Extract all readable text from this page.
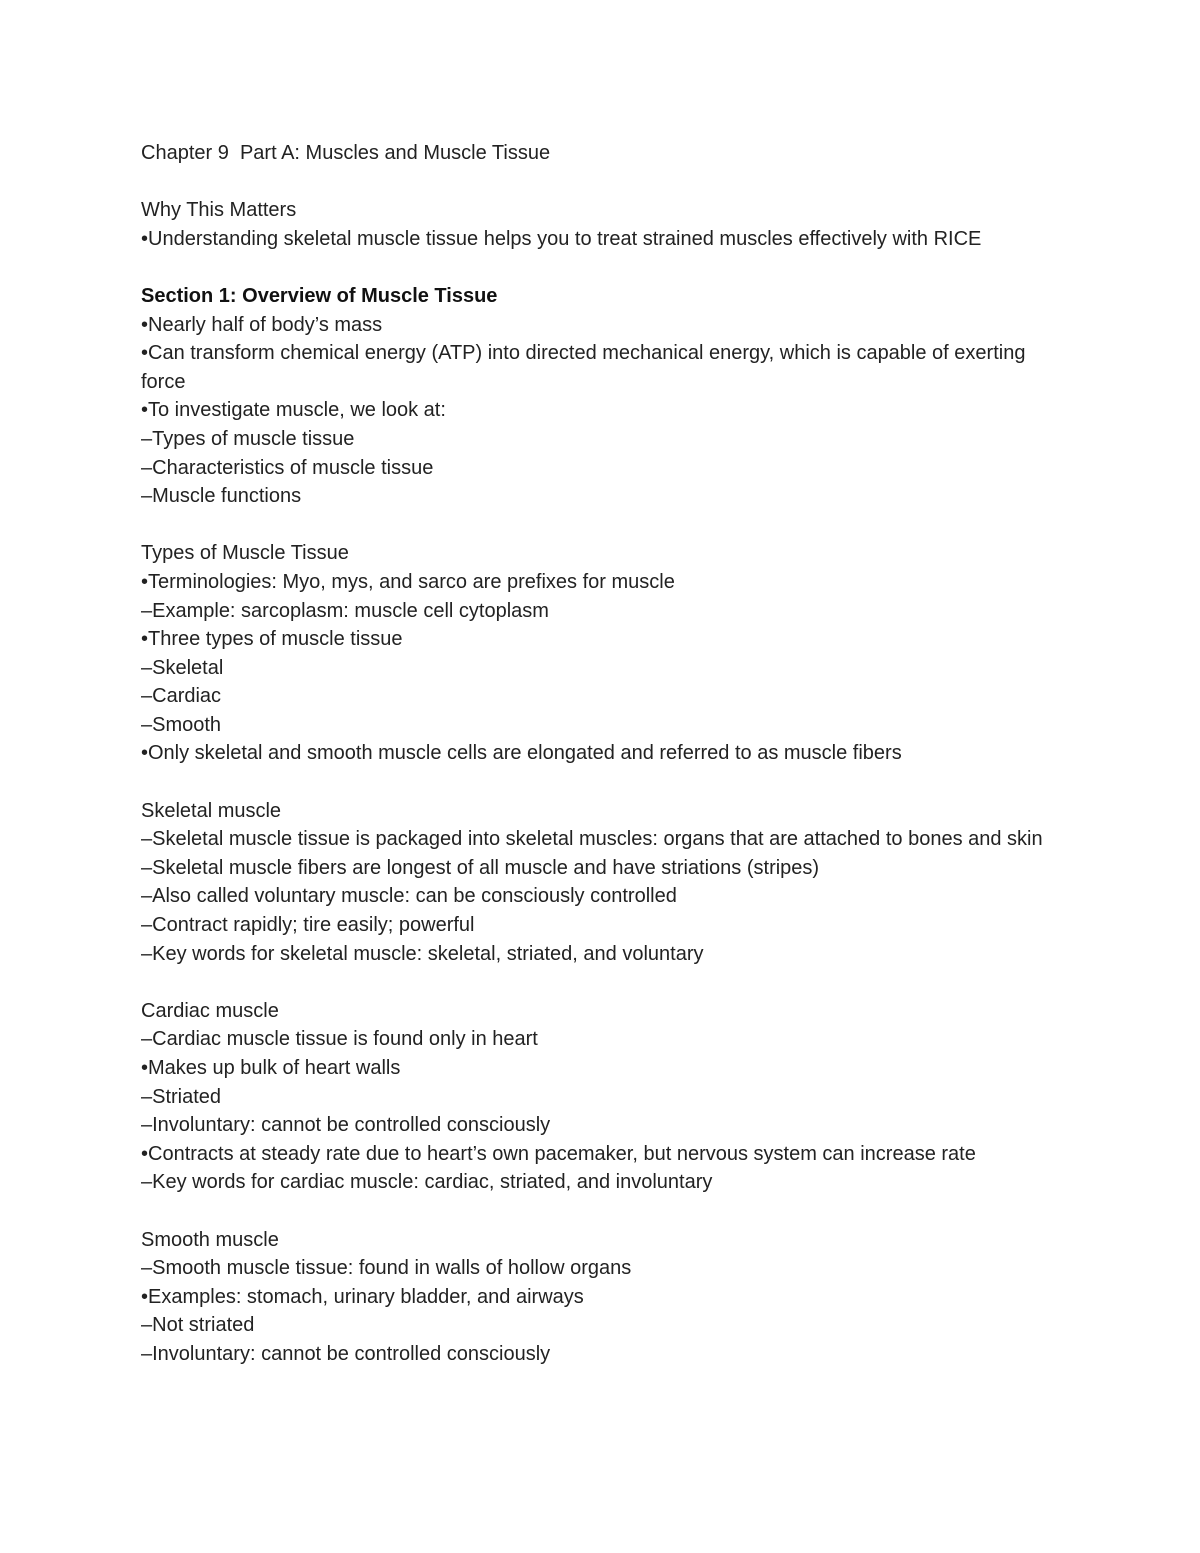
Chapter 9  Part A: Muscles and Muscle Tissue

Why This Matters

•Understanding skeletal muscle tissue helps you to treat strained muscles effectively with RICE

Section 1: Overview of Muscle Tissue

•Nearly half of body’s mass

•Can transform chemical energy (ATP) into directed mechanical energy, which is capable of exerting force

•To investigate muscle, we look at:

–Types of muscle tissue

–Characteristics of muscle tissue

–Muscle functions

Types of Muscle Tissue

•Terminologies: Myo, mys, and sarco are prefixes for muscle

–Example: sarcoplasm: muscle cell cytoplasm

•Three types of muscle tissue

–Skeletal

–Cardiac

–Smooth

•Only skeletal and smooth muscle cells are elongated and referred to as muscle fibers

Skeletal muscle

–Skeletal muscle tissue is packaged into skeletal muscles: organs that are attached to bones and skin

–Skeletal muscle fibers are longest of all muscle and have striations (stripes)

–Also called voluntary muscle: can be consciously controlled

–Contract rapidly; tire easily; powerful

–Key words for skeletal muscle: skeletal, striated, and voluntary

Cardiac muscle

–Cardiac muscle tissue is found only in heart

•Makes up bulk of heart walls

–Striated

–Involuntary: cannot be controlled consciously

•Contracts at steady rate due to heart’s own pacemaker, but nervous system can increase rate

–Key words for cardiac muscle: cardiac, striated, and involuntary

Smooth muscle

–Smooth muscle tissue: found in walls of hollow organs

•Examples: stomach, urinary bladder, and airways

–Not striated

–Involuntary: cannot be controlled consciously
